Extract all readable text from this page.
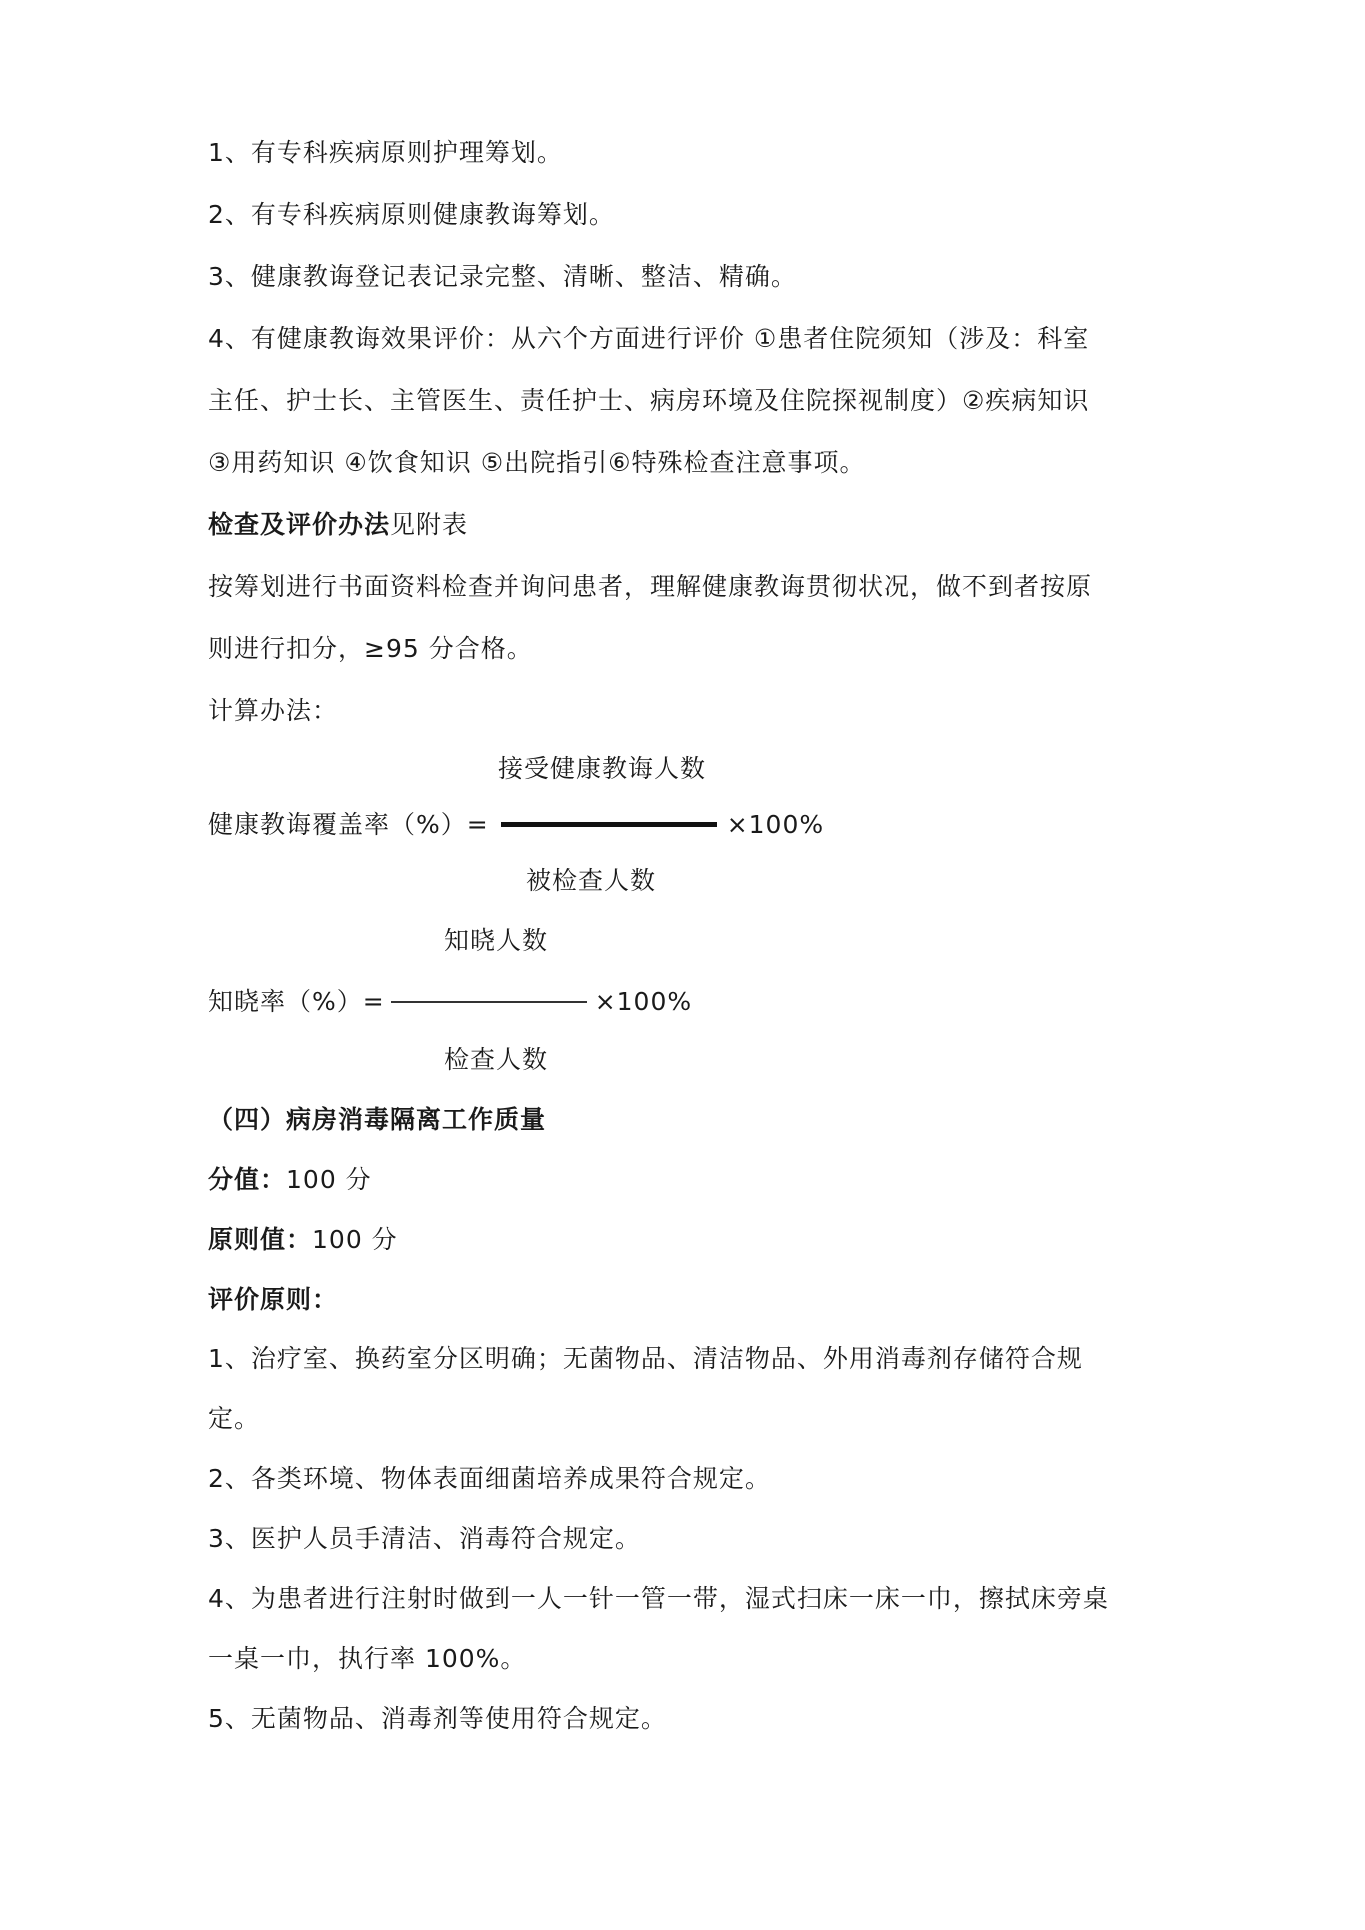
1、有专科疾病原则护理筹划。

2、有专科疾病原则健康教诲筹划。

3、健康教诲登记表记录完整、清晰、整洁、精确。

4、有健康教诲效果评价：从六个方面进行评价 ①患者住院须知（涉及：科室

主任、护士长、主管医生、责任护士、病房环境及住院探视制度）②疾病知识

③用药知识 ④饮食知识 ⑤出院指引⑥特殊检查注意事项。

检查及评价办法见附表

按筹划进行书面资料检查并询问患者，理解健康教诲贯彻状况，做不到者按原

则进行扣分，≥95 分合格。

计算办法：

接受健康教诲人数

健康教诲覆盖率（%）=	×100%

被检查人数

知晓人数

知晓率（%）=	×100%

检查人数

（四）病房消毒隔离工作质量

分值：100 分

原则值：100 分

评价原则：

1、治疗室、换药室分区明确；无菌物品、清洁物品、外用消毒剂存储符合规

定。

2、各类环境、物体表面细菌培养成果符合规定。

3、医护人员手清洁、消毒符合规定。

4、为患者进行注射时做到一人一针一管一带，湿式扫床一床一巾，擦拭床旁桌

一桌一巾，执行率 100%。

5、无菌物品、消毒剂等使用符合规定。
